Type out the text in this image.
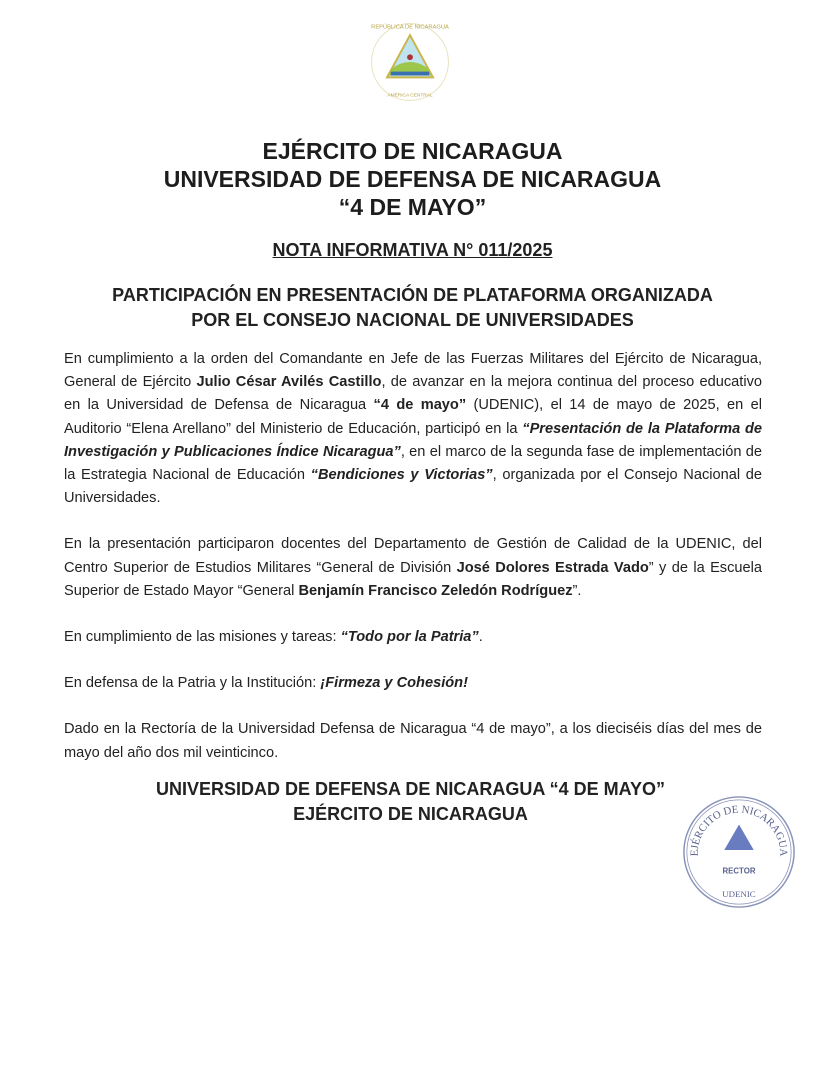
REPÚBLICA DE NICARAGUA
AMÉRICA CENTRAL
EJÉRCITO DE NICARAGUA
UNIVERSIDAD DE DEFENSA DE NICARAGUA
“4 DE MAYO”
NOTA INFORMATIVA N° 011/2025
PARTICIPACIÓN EN PRESENTACIÓN DE PLATAFORMA ORGANIZADA
POR EL CONSEJO NACIONAL DE UNIVERSIDADES

En cumplimiento a la orden del Comandante en Jefe de las Fuerzas Militares del Ejército de Nicaragua, General de Ejército Julio César Avilés Castillo, de avanzar en la mejora continua del proceso educativo en la Universidad de Defensa de Nicaragua “4 de mayo” (UDENIC), el 14 de mayo de 2025, en el Auditorio “Elena Arellano” del Ministerio de Educación, participó en la “Presentación de la Plataforma de Investigación y Publicaciones Índice Nicaragua”, en el marco de la segunda fase de implementación de la Estrategia Nacional de Educación “Bendiciones y Victorias”, organizada por el Consejo Nacional de Universidades.

En la presentación participaron docentes del Departamento de Gestión de Calidad de la UDENIC, del Centro Superior de Estudios Militares “General de División José Dolores Estrada Vado” y de la Escuela Superior de Estado Mayor “General Benjamín Francisco Zeledón Rodríguez”.

En cumplimiento de las misiones y tareas: “Todo por la Patria”.

En defensa de la Patria y la Institución: ¡Firmeza y Cohesión!

Dado en la Rectoría de la Universidad Defensa de Nicaragua “4 de mayo”, a los dieciséis días del mes de mayo del año dos mil veinticinco.

UNIVERSIDAD DE DEFENSA DE NICARAGUA “4 DE MAYO”
EJÉRCITO DE NICARAGUA
EJÉRCITO DE NICARAGUA
RECTOR
UDENIC
